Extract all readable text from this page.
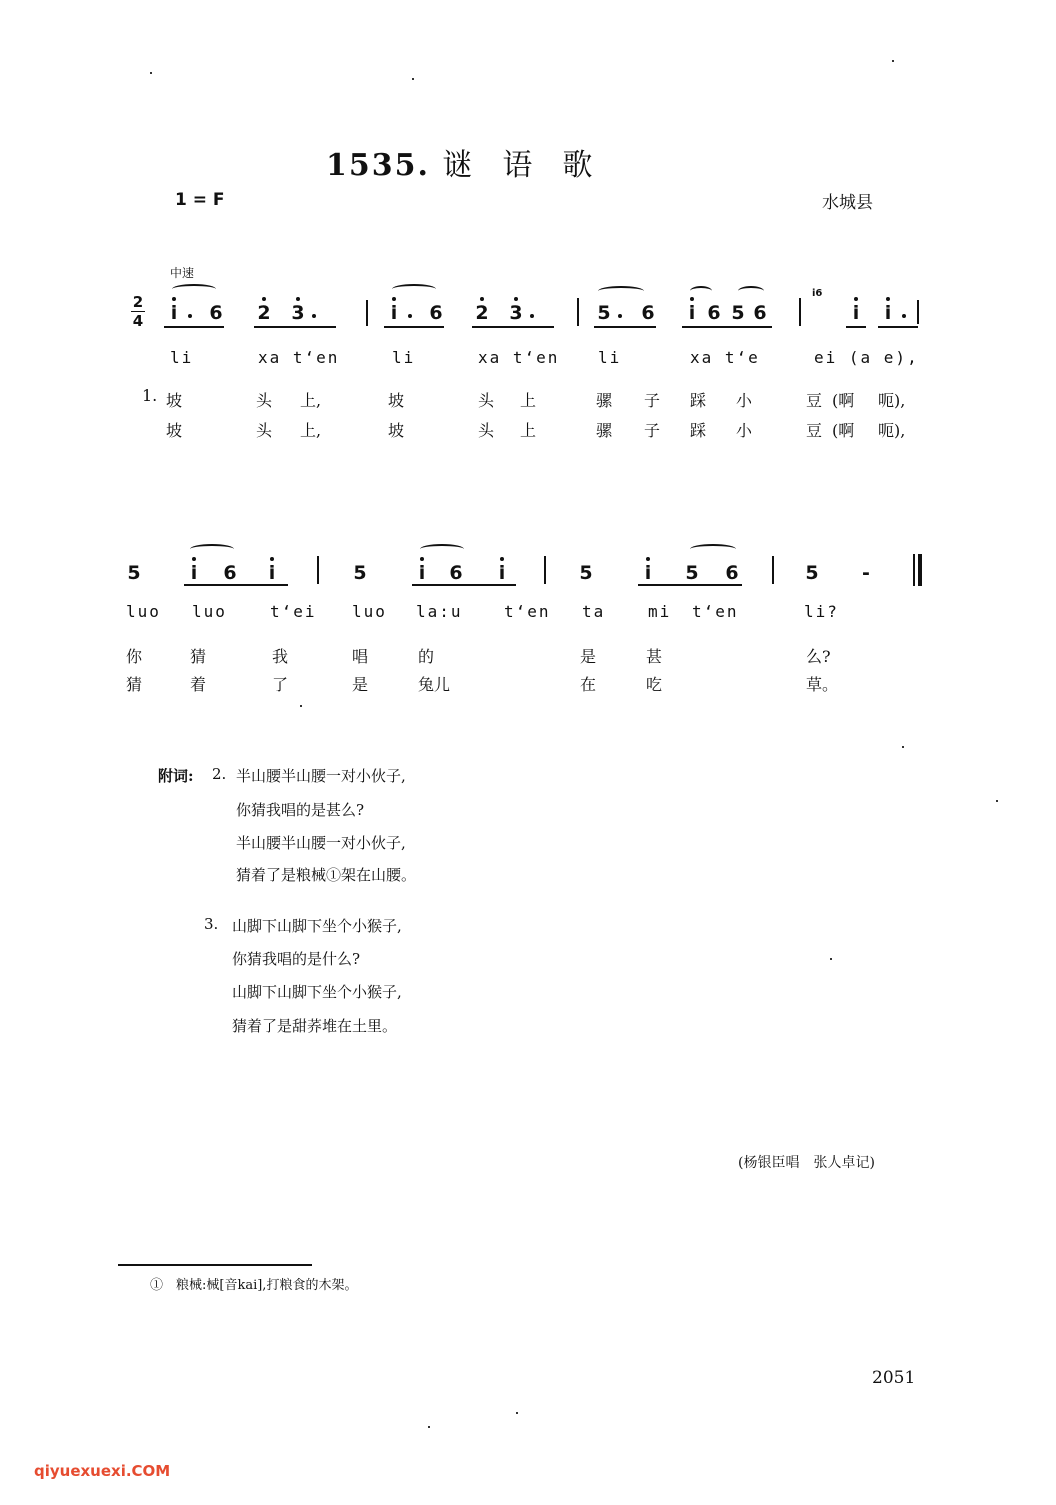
1535. 谜　语　歌
1 = F	水城县
中速
2
4 i 6 2 3	i 6 2 3	5 6 i 6 5 6	i i
5	i 6 i	5	i 6 i	5	i 5 6	5 -
i6
li	xa t‘en	li	xa t‘en li	xa t‘e	ei (a e),
1. 坡	头 上,	坡	头 上	骡 子 踩 小	豆 (啊 呃),
坡	头 上,	坡	头 上	骡 子 踩 小	豆 (啊 呃),
luo luo	t‘ei luo la:u	t‘en ta	mi t‘en	li?
你	猜	我	唱	的	是	甚	么?
猜	着	了	是	兔儿	在	吃	草。
附词: 2. 半山腰半山腰一对小伙子,
你猜我唱的是甚么?
半山腰半山腰一对小伙子,
猜着了是粮械①架在山腰。
3. 山脚下山脚下坐个小猴子,
你猜我唱的是什么?
山脚下山脚下坐个小猴子,
猜着了是甜荞堆在土里。
(杨银臣唱　张人卓记)
①　粮械:械[音kai],打粮食的木架。
2051
qiyuexuexi.COM
